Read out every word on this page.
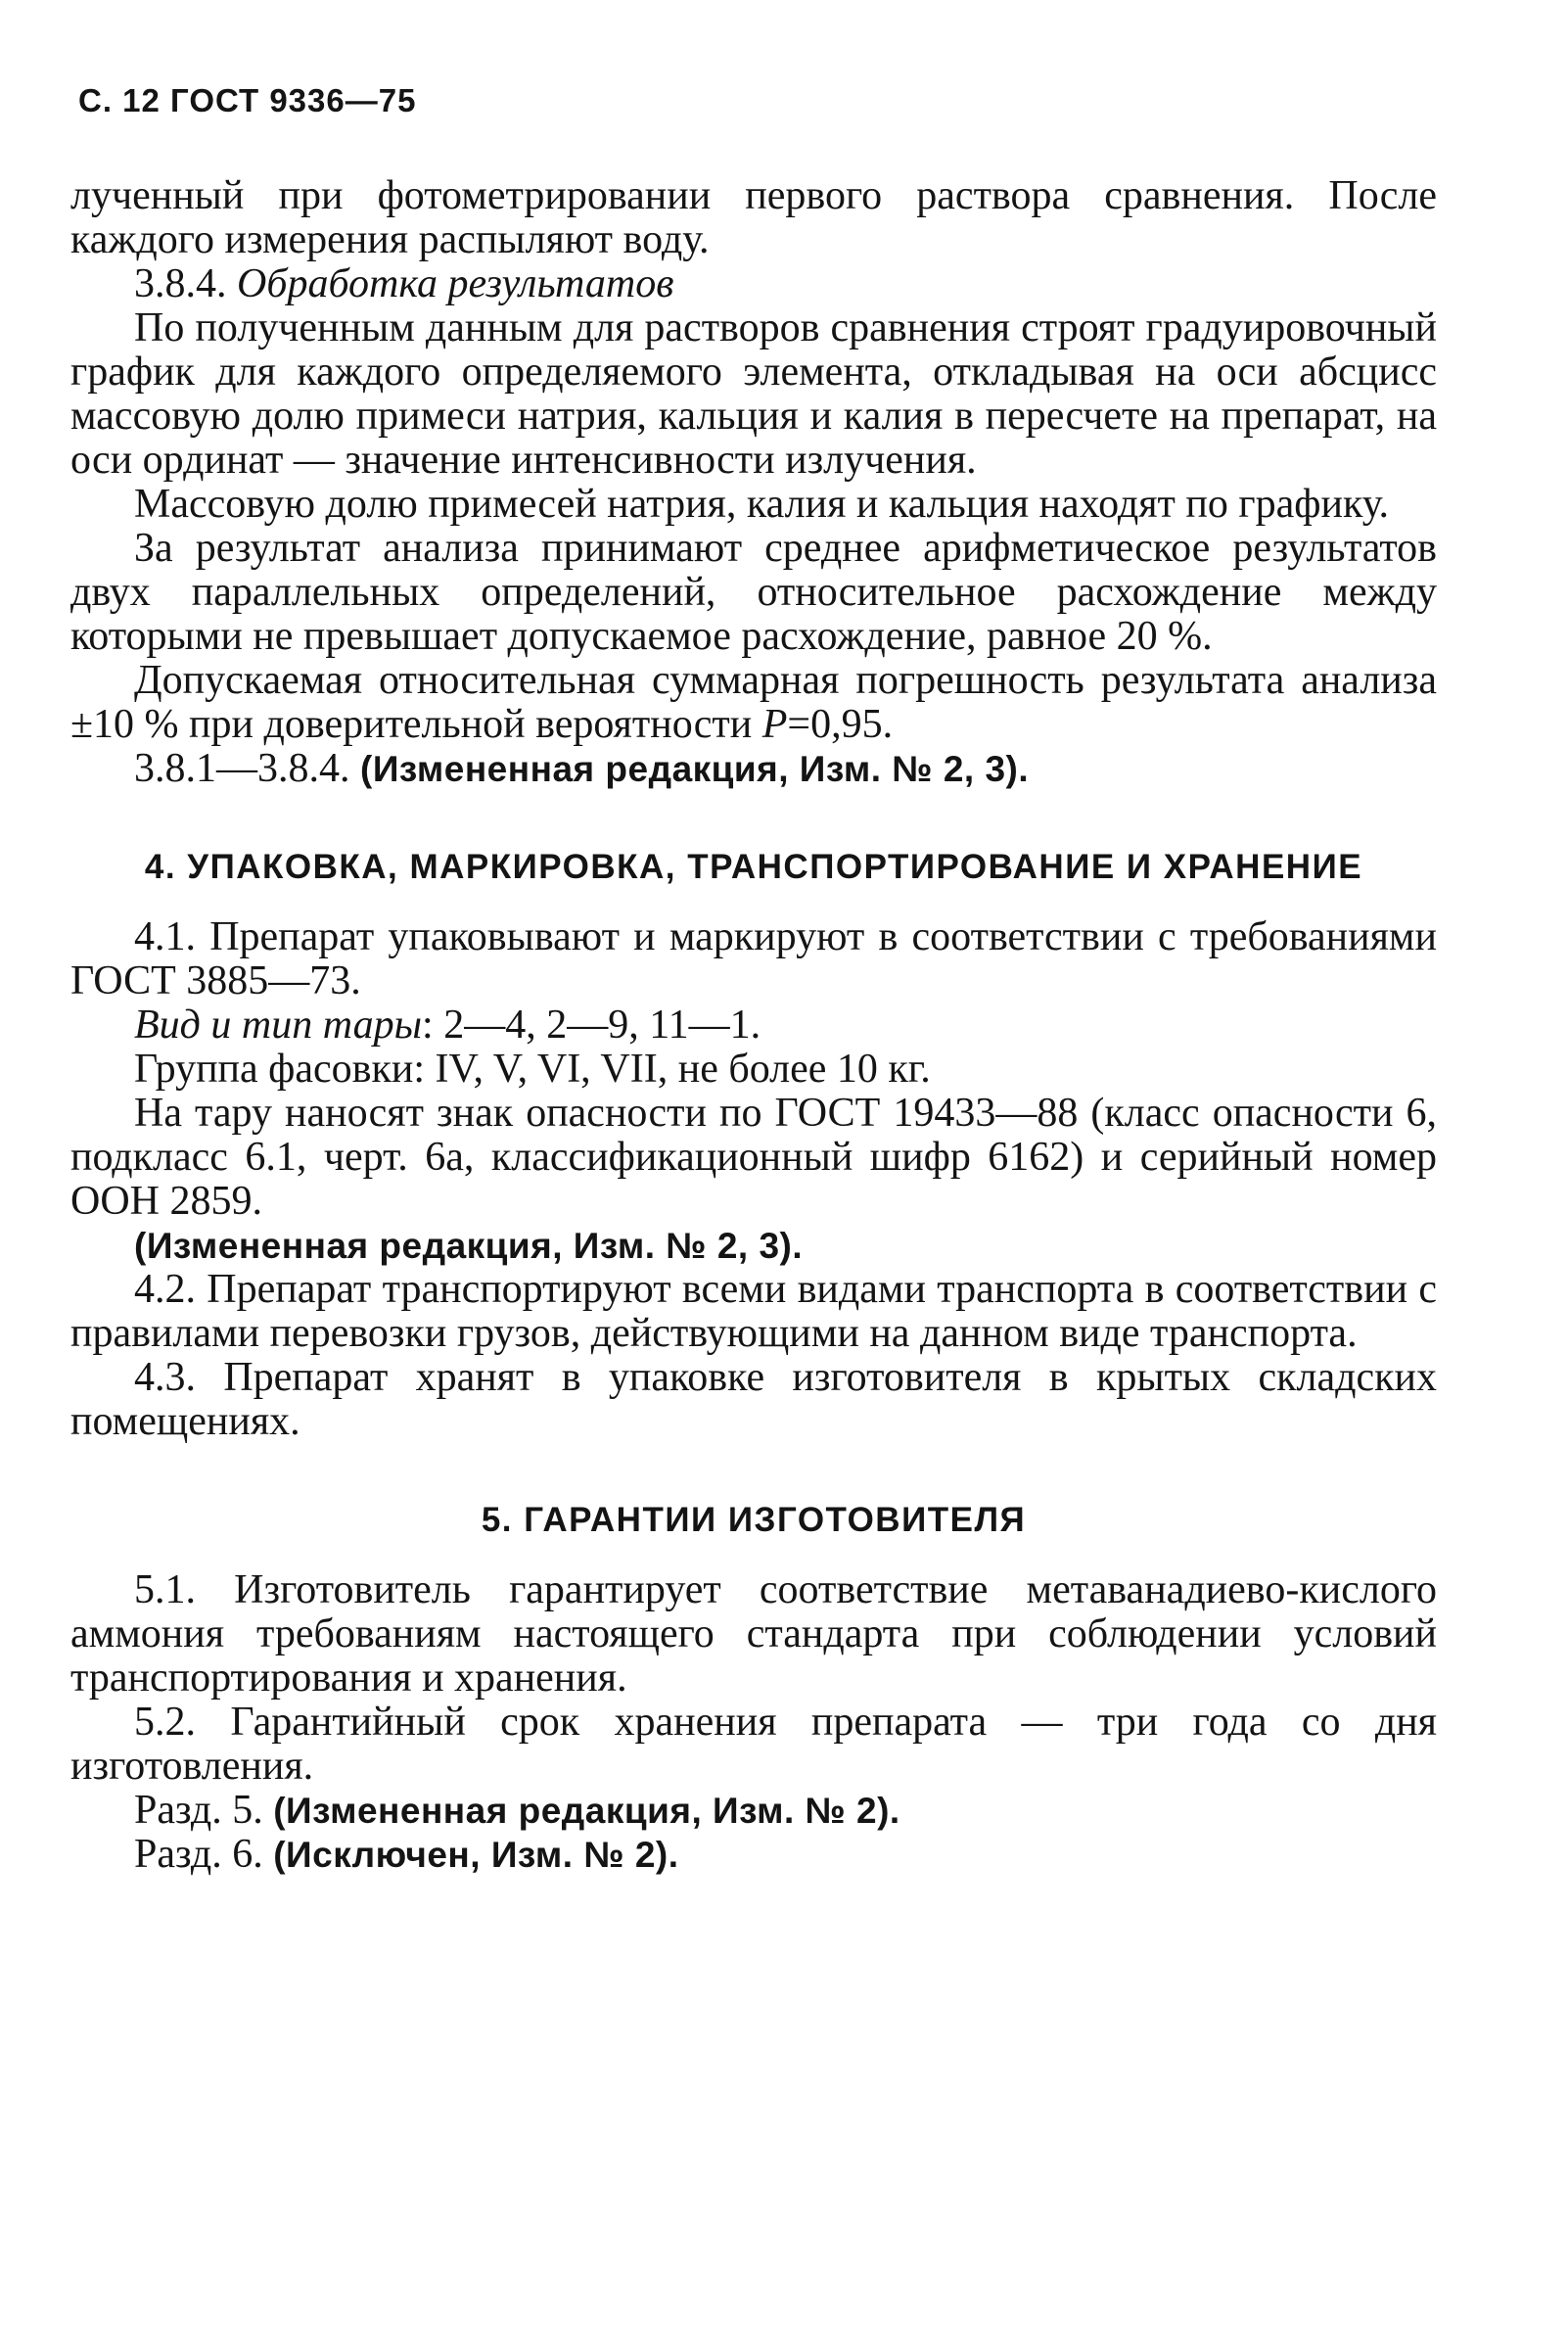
С. 12 ГОСТ 9336—75

лученный при фотометрировании первого раствора сравнения. После каждого измерения распыляют воду.

3.8.4. Обработка результатов

По полученным данным для растворов сравнения строят градуировочный график для каждого определяемого элемента, откладывая на оси абсцисс массовую долю примеси натрия, кальция и калия в пересчете на препарат, на оси ординат — значение интенсивности излучения.

Массовую долю примесей натрия, калия и кальция находят по графику.

За результат анализа принимают среднее арифметическое результатов двух параллельных определений, относительное расхождение между которыми не превышает допускаемое расхождение, равное 20 %.

Допускаемая относительная суммарная погрешность результата анализа ±10 % при доверительной вероятности P=0,95.

3.8.1—3.8.4. (Измененная редакция, Изм. № 2, 3).

4. УПАКОВКА, МАРКИРОВКА, ТРАНСПОРТИРОВАНИЕ И ХРАНЕНИЕ

4.1. Препарат упаковывают и маркируют в соответствии с требованиями ГОСТ 3885—73.

Вид и тип тары: 2—4, 2—9, 11—1.

Группа фасовки: IV, V, VI, VII, не более 10 кг.

На тару наносят знак опасности по ГОСТ 19433—88 (класс опасности 6, подкласс 6.1, черт. 6а, классификационный шифр 6162) и серийный номер ООН 2859.

(Измененная редакция, Изм. № 2, 3).

4.2. Препарат транспортируют всеми видами транспорта в соответствии с правилами перевозки грузов, действующими на данном виде транспорта.

4.3. Препарат хранят в упаковке изготовителя в крытых складских помещениях.

5. ГАРАНТИИ ИЗГОТОВИТЕЛЯ

5.1. Изготовитель гарантирует соответствие метаванадиево-кислого аммония требованиям настоящего стандарта при соблюдении условий транспортирования и хранения.

5.2. Гарантийный срок хранения препарата — три года со дня изготовления.

Разд. 5. (Измененная редакция, Изм. № 2).

Разд. 6. (Исключен, Изм. № 2).
